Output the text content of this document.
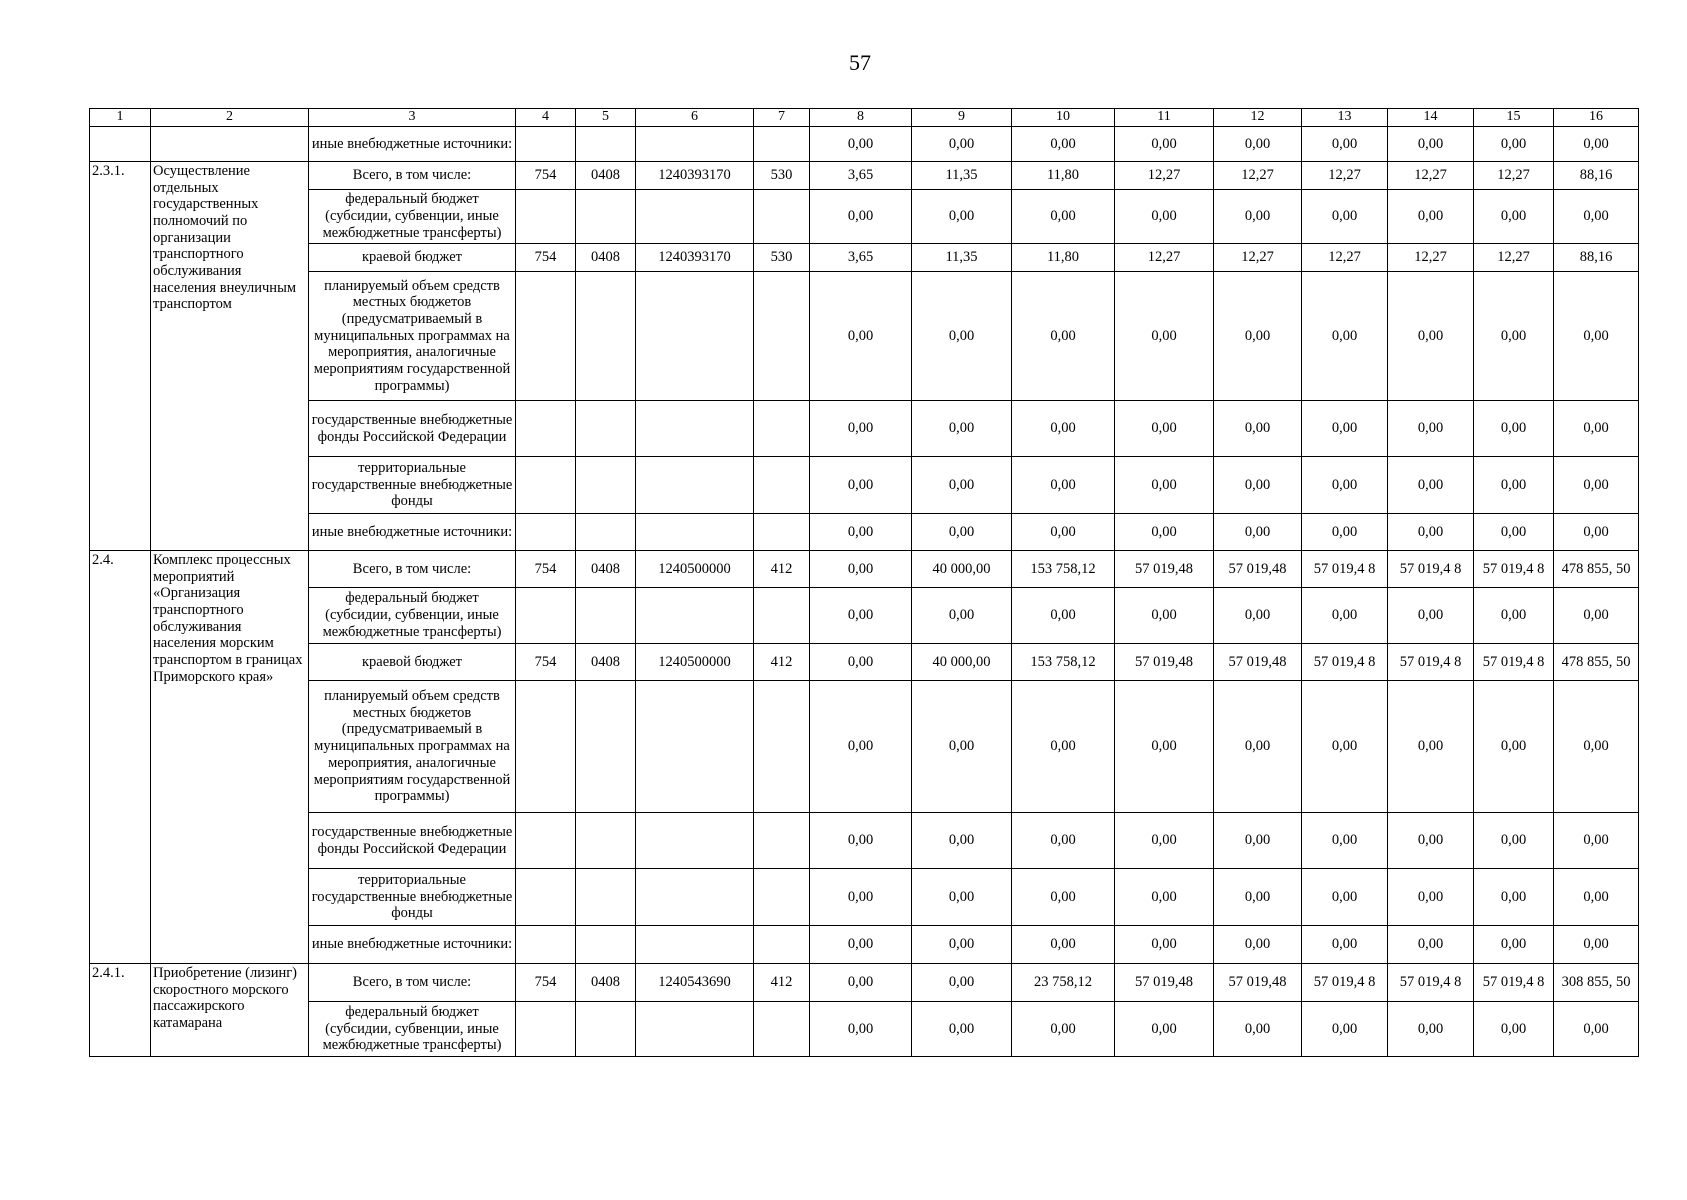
57
1	2	3	4	5	6	7	8	9	10	11	12	13	14	15	16
		иные внебюджетные источники:					0,00	0,00	0,00	0,00	0,00	0,00	0,00	0,00	0,00
2.3.1.	Осуществление отдельных государственных полномочий по организации транспортного обслуживания населения внеуличным транспортом	Всего, в том числе:	754	0408	1240393170	530	3,65	11,35	11,80	12,27	12,27	12,27	12,27	12,27	88,16
		федеральный бюджет (субсидии, субвенции, иные межбюджетные трансферты)					0,00	0,00	0,00	0,00	0,00	0,00	0,00	0,00	0,00
		краевой бюджет	754	0408	1240393170	530	3,65	11,35	11,80	12,27	12,27	12,27	12,27	12,27	88,16
		планируемый объем средств местных бюджетов (предусматриваемый в муниципальных программах на мероприятия, аналогичные мероприятиям государственной программы)					0,00	0,00	0,00	0,00	0,00	0,00	0,00	0,00	0,00
		государственные внебюджетные фонды Российской Федерации					0,00	0,00	0,00	0,00	0,00	0,00	0,00	0,00	0,00
		территориальные государственные внебюджетные фонды					0,00	0,00	0,00	0,00	0,00	0,00	0,00	0,00	0,00
		иные внебюджетные источники:					0,00	0,00	0,00	0,00	0,00	0,00	0,00	0,00	0,00
2.4.	Комплекс процессных мероприятий «Организация транспортного обслуживания населения морским транспортом в границах Приморского края»	Всего, в том числе:	754	0408	1240500000	412	0,00	40 000,00	153 758,12	57 019,48	57 019,48	57 019,4 8	57 019,4 8	57 019,4 8	478 855, 50
		федеральный бюджет (субсидии, субвенции, иные межбюджетные трансферты)					0,00	0,00	0,00	0,00	0,00	0,00	0,00	0,00	0,00
		краевой бюджет	754	0408	1240500000	412	0,00	40 000,00	153 758,12	57 019,48	57 019,48	57 019,4 8	57 019,4 8	57 019,4 8	478 855, 50
		планируемый объем средств местных бюджетов (предусматриваемый в муниципальных программах на мероприятия, аналогичные мероприятиям государственной программы)					0,00	0,00	0,00	0,00	0,00	0,00	0,00	0,00	0,00
		государственные внебюджетные фонды Российской Федерации					0,00	0,00	0,00	0,00	0,00	0,00	0,00	0,00	0,00
		территориальные государственные внебюджетные фонды					0,00	0,00	0,00	0,00	0,00	0,00	0,00	0,00	0,00
		иные внебюджетные источники:					0,00	0,00	0,00	0,00	0,00	0,00	0,00	0,00	0,00
2.4.1.	Приобретение (лизинг) скоростного морского пассажирского катамарана	Всего, в том числе:	754	0408	1240543690	412	0,00	0,00	23 758,12	57 019,48	57 019,48	57 019,4 8	57 019,4 8	57 019,4 8	308 855, 50
		федеральный бюджет (субсидии, субвенции, иные межбюджетные трансферты)					0,00	0,00	0,00	0,00	0,00	0,00	0,00	0,00	0,00
